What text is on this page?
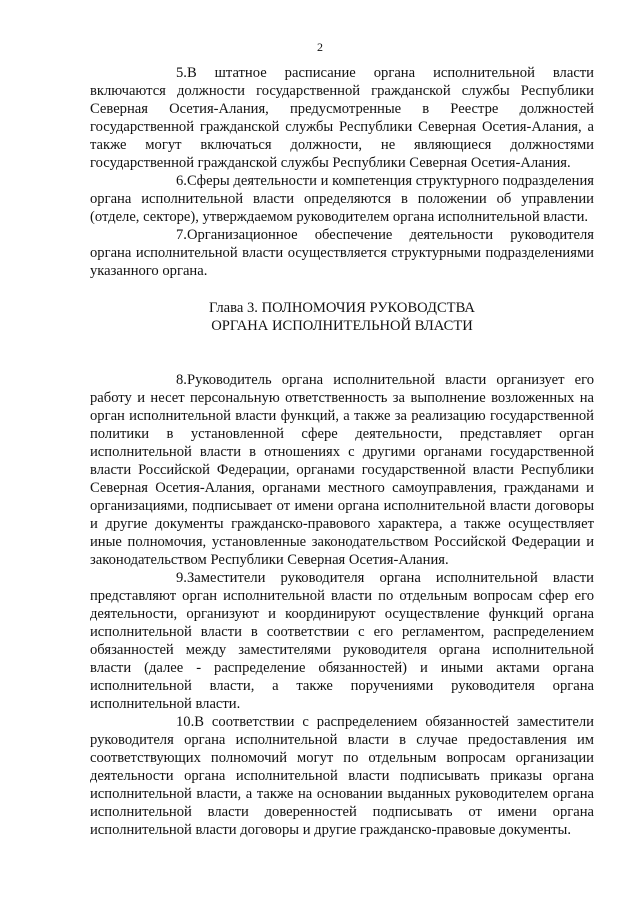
2

5.В штатное расписание органа исполнительной власти включаются должности государственной гражданской службы Республики Северная Осетия-Алания, предусмотренные в Реестре должностей государственной гражданской службы Республики Северная Осетия-Алания, а также могут включаться должности, не являющиеся должностями государственной гражданской службы Республики Северная Осетия-Алания.

6.Сферы деятельности и компетенция структурного подразделения органа исполнительной власти определяются в положении об управлении (отделе, секторе), утверждаемом руководителем органа исполнительной власти.

7.Организационное обеспечение деятельности руководителя органа исполнительной власти осуществляется структурными подразделениями указанного органа.

Глава 3. ПОЛНОМОЧИЯ РУКОВОДСТВА
ОРГАНА ИСПОЛНИТЕЛЬНОЙ ВЛАСТИ

8.Руководитель органа исполнительной власти организует его работу и несет персональную ответственность за выполнение возложенных на орган исполнительной власти функций, а также за реализацию государственной политики в установленной сфере деятельности, представляет орган исполнительной власти в отношениях с другими органами государственной власти Российской Федерации, органами государственной власти Республики Северная Осетия-Алания, органами местного самоуправления, гражданами и организациями, подписывает от имени органа исполнительной власти договоры и другие документы гражданско-правового характера, а также осуществляет иные полномочия, установленные законодательством Российской Федерации и законодательством Республики Северная Осетия-Алания.

9.Заместители руководителя органа исполнительной власти представляют орган исполнительной власти по отдельным вопросам сфер его деятельности, организуют и координируют осуществление функций органа исполнительной власти в соответствии с его регламентом, распределением обязанностей между заместителями руководителя органа исполнительной власти (далее - распределение обязанностей) и иными актами органа исполнительной власти, а также поручениями руководителя органа исполнительной власти.

10.В соответствии с распределением обязанностей заместители руководителя органа исполнительной власти в случае предоставления им соответствующих полномочий могут по отдельным вопросам организации деятельности органа исполнительной власти подписывать приказы органа исполнительной власти, а также на основании выданных руководителем органа исполнительной власти доверенностей подписывать от имени органа исполнительной власти договоры и другие гражданско-правовые документы.
